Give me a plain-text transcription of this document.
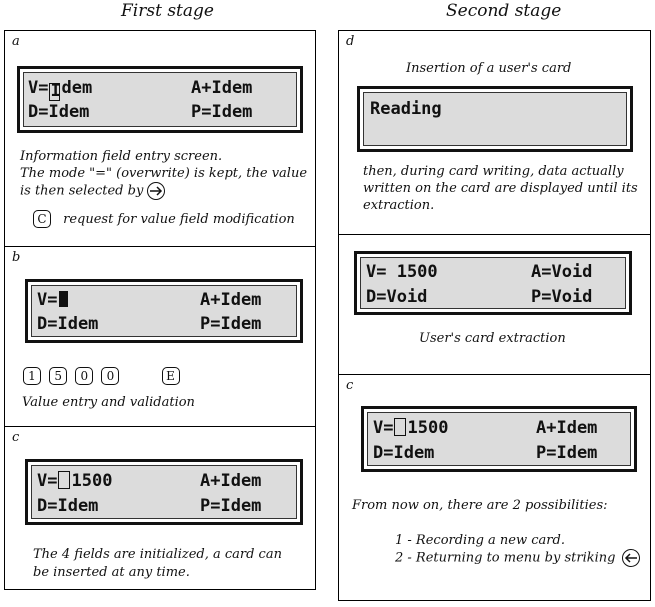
First stage	Second stage
a
V= Idem	A+Idem
D=Idem	P=Idem
Information field entry screen.
The mode "=" (overwrite) is kept, the value
is then selected by
C request for value field modification
b
V=	A+Idem
D=Idem	P=Idem
1 5 0 0	E
Value entry and validation
c
V= 1500	A+Idem
D=Idem	P=Idem
The 4 fields are initialized, a card can
be inserted at any time.
d
Insertion of a user's card
Reading
then, during card writing, data actually
written on the card are displayed until its
extraction.
V= 1500	A=Void
D=Void	P=Void
User's card extraction
c
V= 1500	A+Idem
D=Idem	P=Idem
From now on, there are 2 possibilities:
1 - Recording a new card.
2 - Returning to menu by striking
